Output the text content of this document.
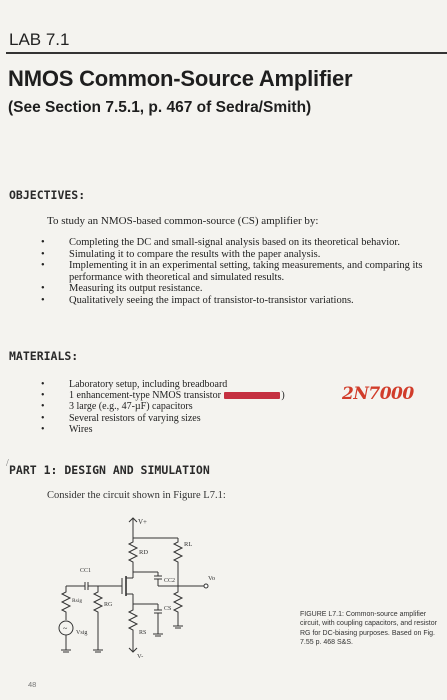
LAB 7.1
NMOS Common-Source Amplifier
(See Section 7.5.1, p. 467 of Sedra/Smith)
OBJECTIVES:
To study an NMOS-based common-source (CS) amplifier by:
• Completing the DC and small-signal analysis based on its theoretical behavior.
• Simulating it to compare the results with the paper analysis.
• Implementing it in an experimental setting, taking measurements, and comparing its performance with theoretical and simulated results.
• Measuring its output resistance.
• Qualitatively seeing the impact of transistor-to-transistor variations.
MATERIALS:
• Laboratory setup, including breadboard
• 1 enhancement-type NMOS transistor	)
• 3 large (e.g., 47-µF) capacitors
• Several resistors of varying sizes
• Wires
2N7000
/ PART 1: DESIGN AND SIMULATION
Consider the circuit shown in Figure L7.1:
V+
RD
RL
CC2	Vo
CC1
RG
CS
RS
V-
Rsig
~ Vsig
FIGURE L7.1: Common-source amplifier circuit, with coupling capacitors, and resistor RG for DC-biasing purposes. Based on Fig. 7.55 p. 468 S&S.
48
